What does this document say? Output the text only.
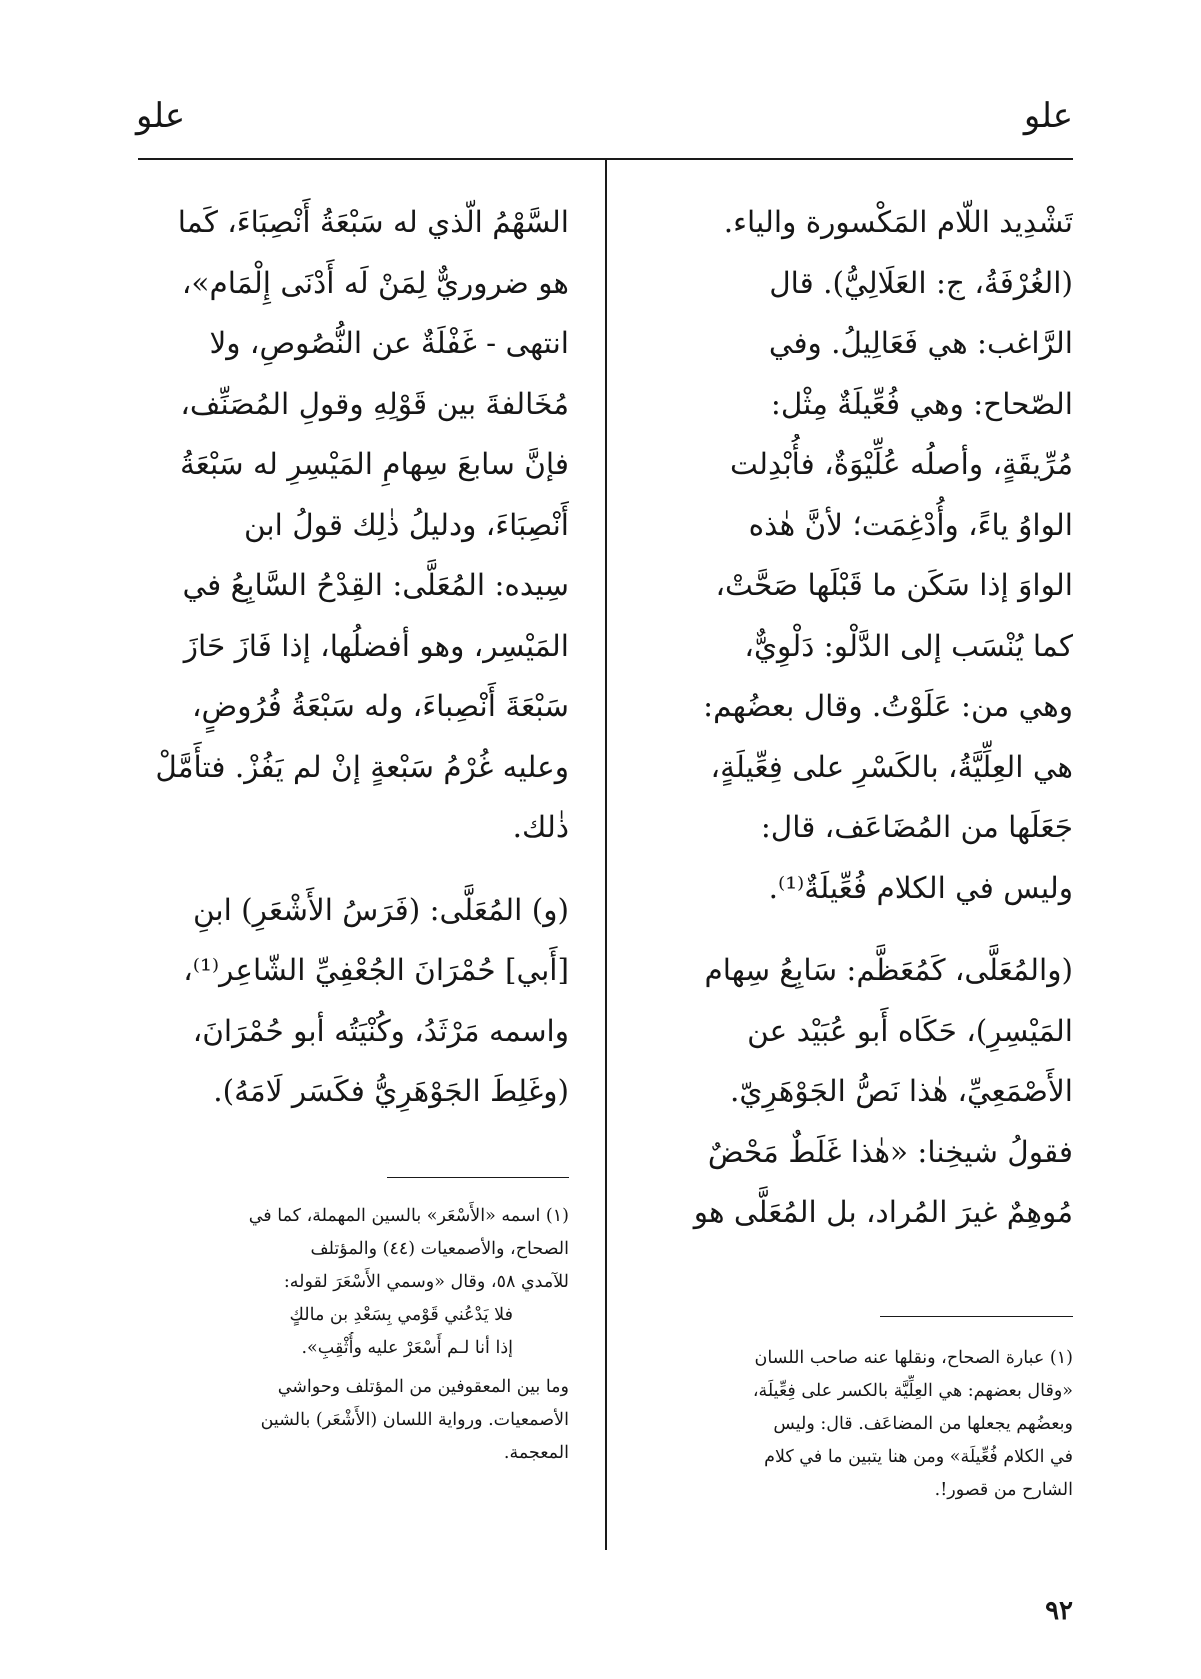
علو
علو
تَشْدِيد اللّام المَكْسورة والياء.
(الغُرْفَةُ، ج: العَلَالِيُّ). قال
الرَّاغب: هي فَعَالِيلُ. وفي
الصّحاح: وهي فُعِّيلَةٌ مِثْل:
مُرِّيقَةٍ، وأصلُه عُلِّيْوَةٌ، فأُبْدِلت
الواوُ ياءً، وأُدْغِمَت؛ لأنَّ هٰذه
الواوَ إذا سَكَن ما قَبْلَها صَحَّتْ،
كما يُنْسَب إلى الدَّلْو: دَلْوِيٌّ،
وهي من: عَلَوْتُ. وقال بعضُهم:
هي العِلِّيَّةُ، بالكَسْرِ على فِعِّيلَةٍ،
جَعَلَها من المُضَاعَف، قال:
وليس في الكلام فُعِّيلَةٌ⁽¹⁾.
(والمُعَلَّى، كَمُعَظَّم: سَابِعُ سِهام
المَيْسِرِ)، حَكَاه أَبو عُبَيْد عن
الأَصْمَعِيِّ، هٰذا نَصُّ الجَوْهَرِيّ.
فقولُ شيخِنا: «هٰذا غَلَطٌ مَحْضٌ
مُوهِمٌ غيرَ المُراد، بل المُعَلَّى هو
السَّهْمُ الّذي له سَبْعَةُ أَنْصِبَاءَ، كَما
هو ضروريٌّ لِمَنْ لَه أَدْنَى إِلْمَام»،
انتهى - غَفْلَةٌ عن النُّصُوصِ، ولا
مُخَالفةَ بين قَوْلِهِ وقولِ المُصَنِّف،
فإنَّ سابعَ سِهامِ المَيْسِرِ له سَبْعَةُ
أَنْصِبَاءَ، ودليلُ ذٰلِك قولُ ابن
سِيده: المُعَلَّى: القِدْحُ السَّابِعُ في
المَيْسِر، وهو أفضلُها، إذا فَازَ حَازَ
سَبْعَةَ أَنْصِباءَ، وله سَبْعَةُ فُرُوضٍ،
وعليه غُرْمُ سَبْعةٍ إنْ لم يَفُزْ. فتأَمَّلْ
ذٰلك.
(و) المُعَلَّى: (فَرَسُ الأَشْعَرِ) ابنِ
[أَبي] حُمْرَانَ الجُعْفِيِّ الشّاعِر⁽¹⁾،
واسمه مَرْثَدُ، وكُنْيَتُه أبو حُمْرَانَ،
(وغَلِطَ الجَوْهَرِيُّ فكَسَر لَامَهُ).
(١) عبارة الصحاح، ونقلها عنه صاحب اللسان
«وقال بعضهم: هي العِلِّيَّة بالكسر على فِعِّيلَة،
وبعضُهم يجعلها من المضاعَف. قال: وليس
في الكلام فُعِّيلَة» ومن هنا يتبين ما في كلام
الشارح من قصور!.
(١) اسمه «الأَسْعَر» بالسين المهملة، كما في
الصحاح، والأصمعيات (٤٤) والمؤتلف
للآمدي ٥٨، وقال «وسمي الأَسْعَرَ لقوله:
فلا يَدْعُني قَوْمي بِسَعْدِ بن مالكٍ
إذا أنا لـم أَسْعَرْ عليه وأُثْقِبِ».
وما بين المعقوفين من المؤتلف وحواشي
الأصمعيات. ورواية اللسان (الأَشْعَر) بالشين
المعجمة.
٩٢
